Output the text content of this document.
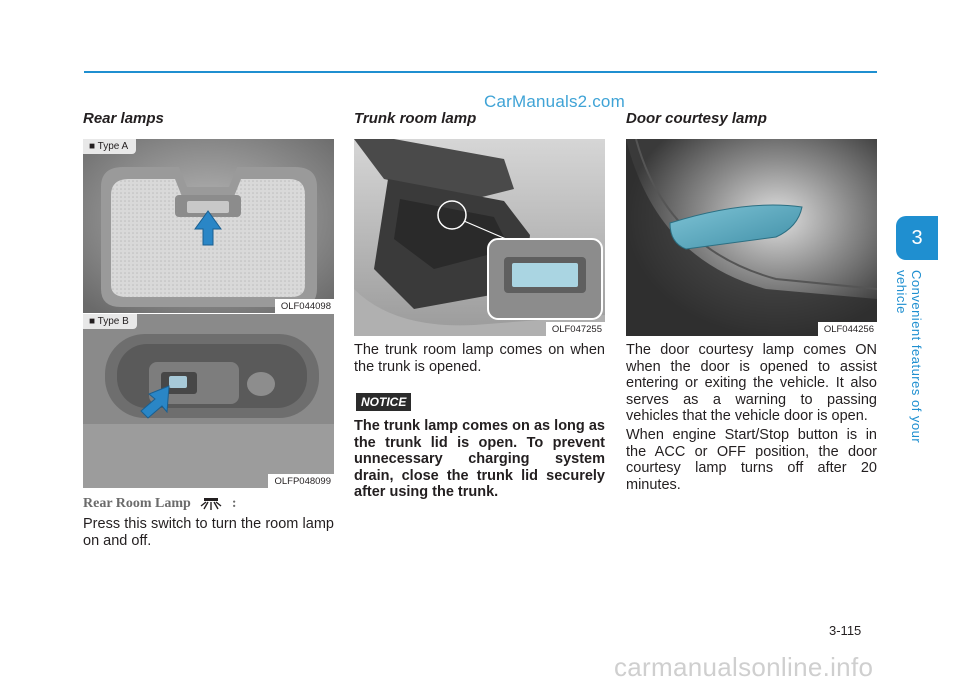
CarManuals2.com
Rear lamps
■ Type A
OLF044098
■ Type B
OLFP048099
Rear Room Lamp	:
Press this switch to turn the room lamp on and off.
Trunk room lamp
OLF047255
The trunk room lamp comes on when the trunk is opened.
NOTICE
The trunk lamp comes on as long as the trunk lid is open. To prevent unnecessary charging system drain, close the trunk lid securely after using the trunk.
Door courtesy lamp
OLF044256
The door courtesy lamp comes ON when the door is opened to assist entering or exiting the vehicle. It also serves as a warning to passing vehicles that the vehicle door is open.
When engine Start/Stop button is in the ACC or OFF position, the door courtesy lamp turns off after 20 minutes.
3
Convenient features of your vehicle
3-115
carmanualsonline.info
